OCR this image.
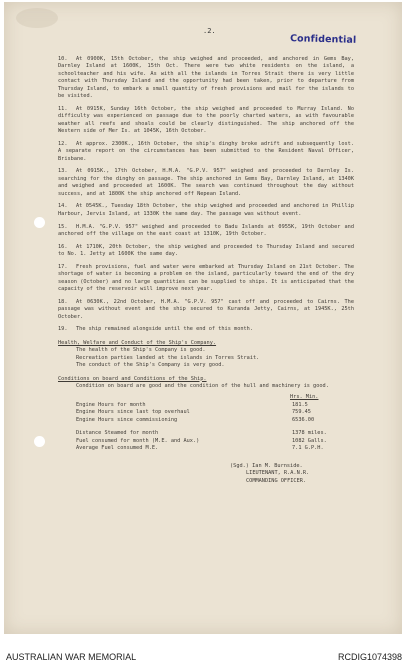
.2.
Confidential
10. At 0900K, 15th October, the ship weighed and proceeded, and anchored in Gems Bay, Darnley Island at 1600K, 15th Oct. There were two white residents on the island, a schoolteacher and his wife. As with all the islands in Torres Strait there is very little contact with Thursday Island and the opportunity had been taken, prior to departure from Thursday Island, to embark a small quantity of fresh provisions and mail for the islands to be visited.
11. At 0915K, Sunday 16th October, the ship weighed and proceeded to Murray Island. No difficulty was experienced on passage due to the poorly charted waters, as with favourable weather all reefs and shoals could be clearly distinguished. The ship anchored off the Western side of Mer Is. at 1045K, 16th October.
12. At approx. 2300K., 16th October, the ship's dinghy broke adrift and subsequently lost. A separate report on the circumstances has been submitted to the Resident Naval Officer, Brisbane.
13. At 0915K., 17th October, H.M.A. "G.P.V. 957" weighed and proceeded to Darnley Is. searching for the dinghy on passage. The ship anchored in Gems Bay, Darnley Island, at 1340K and weighed and proceeded at 1600K. The search was continued throughout the day without success, and at 1800K the ship anchored off Nepean Island.
14. At 0545K., Tuesday 18th October, the ship weighed and proceeded and anchored in Phillip Harbour, Jervis Island, at 1330K the same day. The passage was without event.
15. H.M.A. "G.P.V. 957" weighed and proceeded to Badu Islands at 0955K, 19th October and anchored off the village on the east coast at 1310K, 19th October.
16. At 1710K, 20th October, the ship weighed and proceeded to Thursday Island and secured to No. 1. Jetty at 1600K the same day.
17. Fresh provisions, fuel and water were embarked at Thursday Island on 21st October. The shortage of water is becoming a problem on the island, particularly toward the end of the dry season (October) and no large quantities can be supplied to ships. It is anticipated that the capacity of the reservoir will improve next year.
18. At 0630K., 22nd October, H.M.A. "G.P.V. 957" cast off and proceeded to Cairns. The passage was without event and the ship secured to Kuranda Jetty, Cairns, at 1945K., 25th October.
19. The ship remained alongside until the end of this month.
Health, Welfare and Conduct of the Ship's Company.
The health of the Ship's Company is good.
Recreation parties landed at the islands in Torres Strait.
The conduct of the Ship's Company is very good.
Conditions on board and Conditions of the Ship.
Condition on board are good and the condition of the hull and machinery is good.
Hrs. Min.
Engine Hours for month	181.5
Engine Hours since last top overhaul	759.45
Engine Hours since commissioning	6536.00
Distance Steamed for month	1378 miles.
Fuel consumed for month (M.E. and Aux.)	1082 Galls.
Average Fuel consumed M.E.	7.1 G.P.H.
(Sgd.) Ian M. Burnside.
LIEUTENANT, R.A.N.R.
COMMANDING OFFICER.
AUSTRALIAN WAR MEMORIAL	RCDIG1074398
